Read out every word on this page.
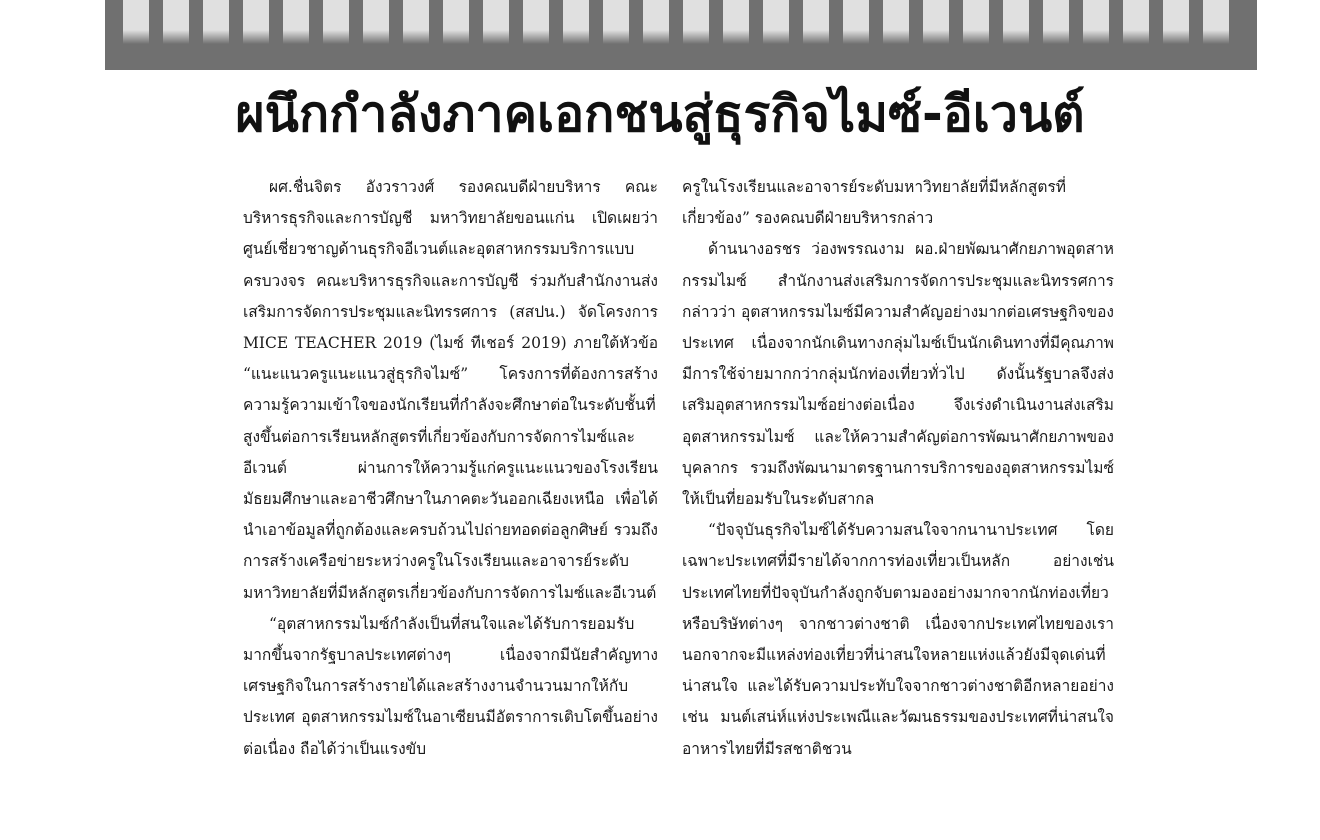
ผนึกกำลังภาคเอกชนสู่ธุรกิจไมซ์-อีเวนต์

ผศ.ชื่นจิตร อังวราวงศ์ รองคณบดีฝ่ายบริหาร คณะบริหารธุรกิจและการบัญชี มหาวิทยาลัยขอนแก่น เปิดเผยว่า ศูนย์เชี่ยวชาญด้านธุรกิจอีเวนต์และอุตสาหกรรมบริการแบบครบวงจร คณะบริหารธุรกิจและการบัญชี ร่วมกับสำนักงานส่งเสริมการจัดการประชุมและนิทรรศการ (สสปน.) จัดโครงการ MICE TEACHER 2019 (ไมซ์ ทีเชอร์ 2019) ภายใต้หัวข้อ “แนะแนวครูแนะแนวสู่ธุรกิจไมซ์” โครงการที่ต้องการสร้างความรู้ความเข้าใจของนักเรียนที่กำลังจะศึกษาต่อในระดับชั้นที่สูงขึ้นต่อการเรียนหลักสูตรที่เกี่ยวข้องกับการจัดการไมซ์และอีเวนต์ ผ่านการให้ความรู้แก่ครูแนะแนวของโรงเรียนมัธยมศึกษาและอาชีวศึกษาในภาคตะวันออกเฉียงเหนือ เพื่อได้นำเอาข้อมูลที่ถูกต้องและครบถ้วนไปถ่ายทอดต่อลูกศิษย์ รวมถึงการสร้างเครือข่ายระหว่างครูในโรงเรียนและอาจารย์ระดับมหาวิทยาลัยที่มีหลักสูตรเกี่ยวข้องกับการจัดการไมซ์และอีเวนต์

“อุตสาหกรรมไมซ์กำลังเป็นที่สนใจและได้รับการยอมรับมากขึ้นจากรัฐบาลประเทศต่างๆ เนื่องจากมีนัยสำคัญทางเศรษฐกิจในการสร้างรายได้และสร้างงานจำนวนมากให้กับประเทศ อุตสาหกรรมไมซ์ในอาเซียนมีอัตราการเติบโตขึ้นอย่างต่อเนื่อง ถือได้ว่าเป็นแรงขับ

ครูในโรงเรียนและอาจารย์ระดับมหาวิทยาลัยที่มีหลักสูตรที่เกี่ยวข้อง” รองคณบดีฝ่ายบริหารกล่าว

ด้านนางอรชร ว่องพรรณงาม ผอ.ฝ่ายพัฒนาศักยภาพอุตสาหกรรมไมซ์ สำนักงานส่งเสริมการจัดการประชุมและนิทรรศการ กล่าวว่า อุตสาหกรรมไมซ์มีความสำคัญอย่างมากต่อเศรษฐกิจของประเทศ เนื่องจากนักเดินทางกลุ่มไมซ์เป็นนักเดินทางที่มีคุณภาพ มีการใช้จ่ายมากกว่ากลุ่มนักท่องเที่ยวทั่วไป ดังนั้นรัฐบาลจึงส่งเสริมอุตสาหกรรมไมซ์อย่างต่อเนื่อง จึงเร่งดำเนินงานส่งเสริมอุตสาหกรรมไมซ์ และให้ความสำคัญต่อการพัฒนาศักยภาพของบุคลากร รวมถึงพัฒนามาตรฐานการบริการของอุตสาหกรรมไมซ์ให้เป็นที่ยอมรับในระดับสากล

“ปัจจุบันธุรกิจไมซ์ได้รับความสนใจจากนานาประเทศ โดยเฉพาะประเทศที่มีรายได้จากการท่องเที่ยวเป็นหลัก อย่างเช่นประเทศไทยที่ปัจจุบันกำลังถูกจับตามองอย่างมากจากนักท่องเที่ยว หรือบริษัทต่างๆ จากชาวต่างชาติ เนื่องจากประเทศไทยของเรานอกจากจะมีแหล่งท่องเที่ยวที่น่าสนใจหลายแห่งแล้วยังมีจุดเด่นที่น่าสนใจ และได้รับความประทับใจจากชาวต่างชาติอีกหลายอย่าง เช่น มนต์เสน่ห์แห่งประเพณีและวัฒนธรรมของประเทศที่น่าสนใจ อาหารไทยที่มีรสชาติชวน
